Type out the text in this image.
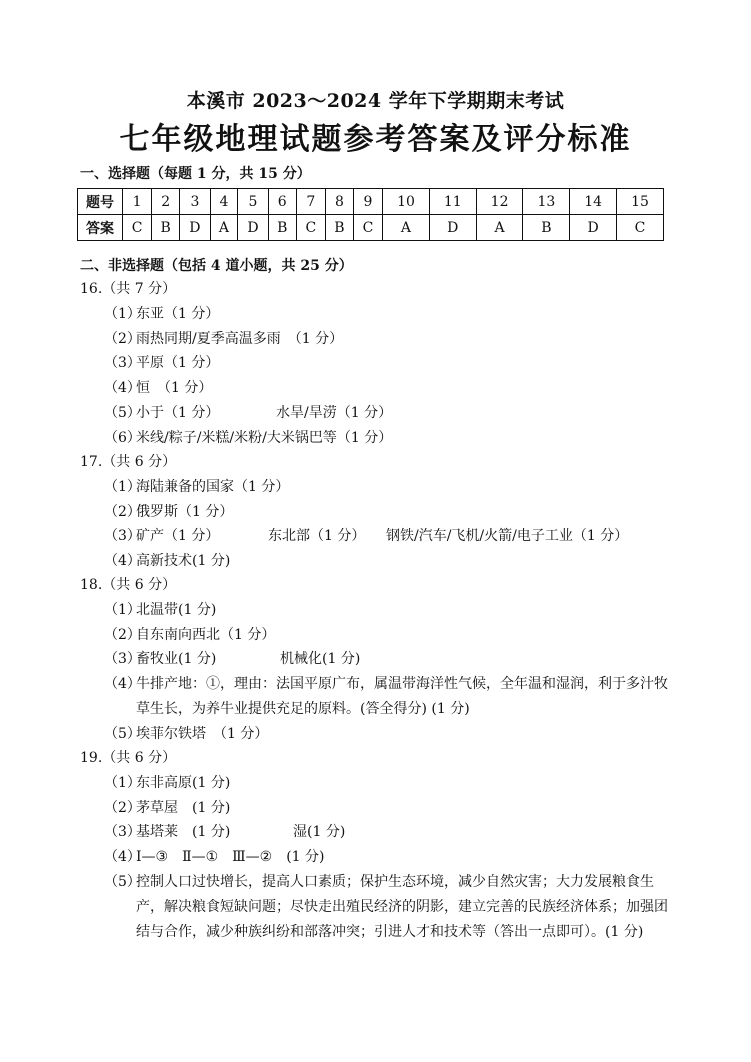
本溪市 2023～2024 学年下学期期末考试
七年级地理试题参考答案及评分标准
一、选择题（每题 1 分，共 15 分）
题号	1	2	3	4	5	6	7	8	9	10	11	12	13	14	15
答案	C	B	D	A	D	B	C	B	C	A	D	A	B	D	C
二、非选择题（包括 4 道小题，共 25 分）
16.（共 7 分）
（1）东亚（1 分）
（2）雨热同期/夏季高温多雨　（1 分）
（3）平原（1 分）
（4）恒　（1 分）
（5）小于（1 分）	水旱/旱涝（1 分）
（6）米线/粽子/米糕/米粉/大米锅巴等（1 分）
17.（共 6 分）
（1）海陆兼备的国家（1 分）
（2）俄罗斯（1 分）
（3）矿产（1 分）	东北部（1 分） 钢铁/汽车/飞机/火箭/电子工业（1 分）
（4）高新技术(1 分)
18.（共 6 分）
（1）北温带(1 分)
（2）自东南向西北（1 分）
（3）畜牧业(1 分)	机械化(1 分)
（4）牛排产地：①，理由：法国平原广布，属温带海洋性气候，全年温和湿润，利于多汁牧草生长，为养牛业提供充足的原料。(答全得分) (1 分)
（5）埃菲尔铁塔　（1 分）
19.（共 6 分）
（1）东非高原(1 分)
（2）茅草屋　(1 分)
（3）基塔莱　(1 分)	湿(1 分)
（4）Ⅰ—③　Ⅱ—①　Ⅲ—②　(1 分)
（5）控制人口过快增长，提高人口素质；保护生态环境，减少自然灾害；大力发展粮食生产，解决粮食短缺问题；尽快走出殖民经济的阴影，建立完善的民族经济体系；加强团结与合作，减少种族纠纷和部落冲突；引进人才和技术等（答出一点即可）。(1 分)
